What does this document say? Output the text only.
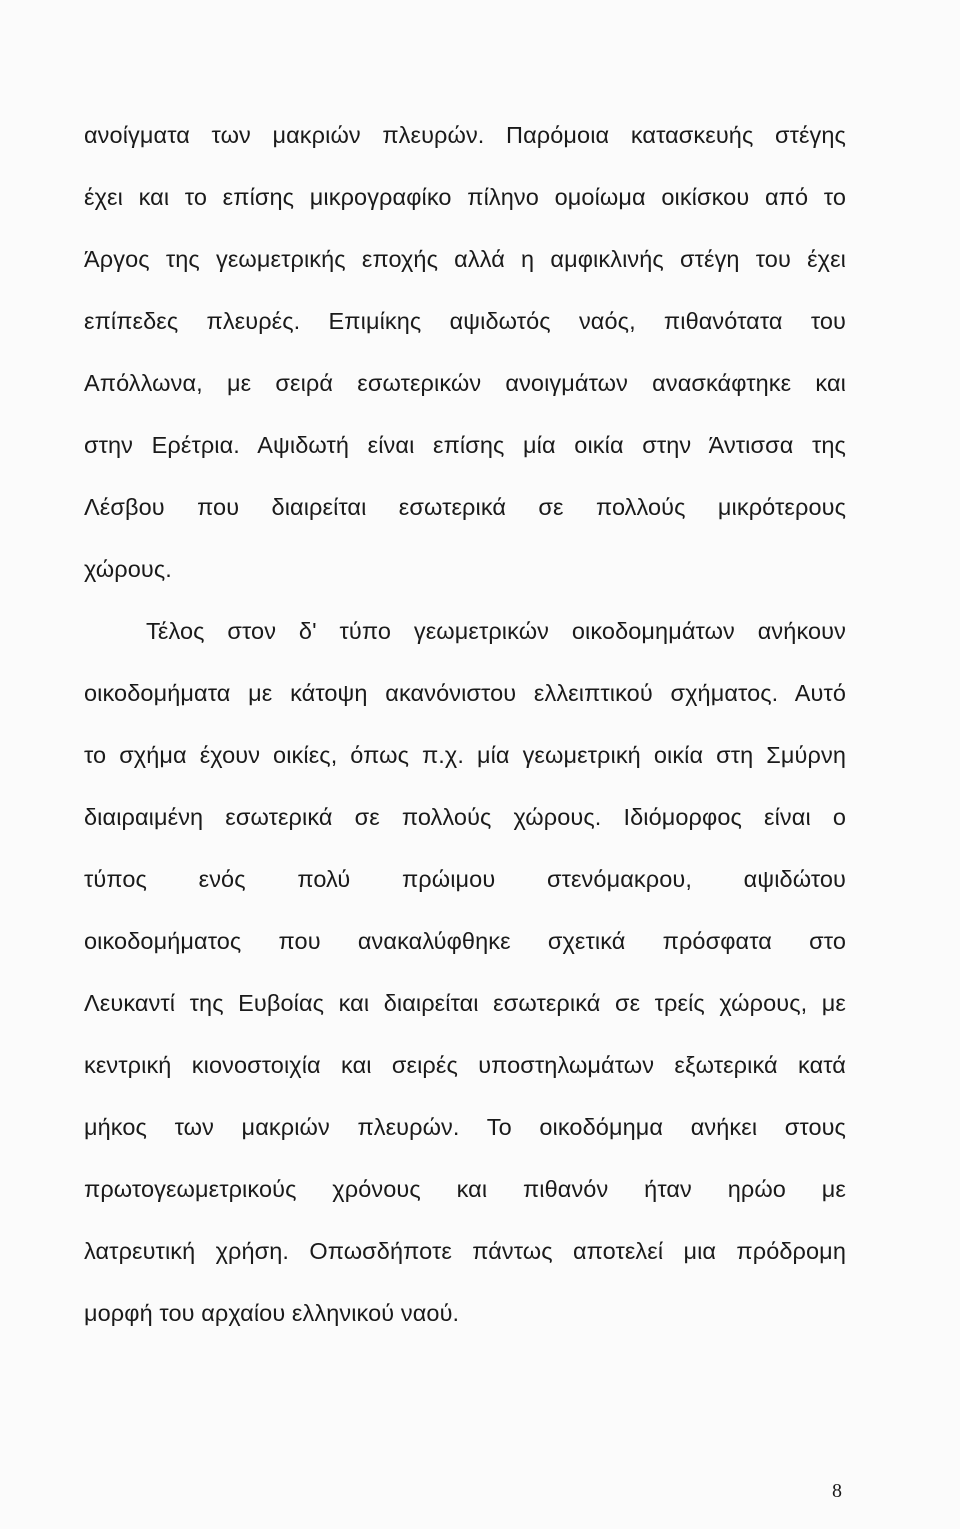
ανοίγματα των μακριών πλευρών. Παρόμοια κατασκευής στέγης
έχει και το επίσης μικρογραφίκο πίληνο ομοίωμα οικίσκου από το
Άργος της γεωμετρικής εποχής αλλά η αμφικλινής στέγη του έχει
επίπεδες πλευρές. Επιμίκης αψιδωτός ναός, πιθανότατα του
Απόλλωνα, με σειρά εσωτερικών ανοιγμάτων ανασκάφτηκε και
στην Ερέτρια. Αψιδωτή είναι επίσης μία οικία στην Άντισσα της
Λέσβου που διαιρείται εσωτερικά σε πολλούς μικρότερους
χώρους.
Τέλος στον δ' τύπο γεωμετρικών οικοδομημάτων ανήκουν
οικοδομήματα με κάτοψη ακανόνιστου ελλειπτικού σχήματος. Αυτό
το σχήμα έχουν οικίες, όπως π.χ. μία γεωμετρική οικία στη Σμύρνη
διαιραιμένη εσωτερικά σε πολλούς χώρους. Ιδιόμορφος είναι ο
τύπος ενός πολύ πρώιμου στενόμακρου, αψιδώτου
οικοδομήματος που ανακαλύφθηκε σχετικά πρόσφατα στο
Λευκαντί της Ευβοίας και διαιρείται εσωτερικά σε τρείς χώρους, με
κεντρική κιονοστοιχία και σειρές υποστηλωμάτων εξωτερικά κατά
μήκος των μακριών πλευρών. Το οικοδόμημα ανήκει στους
πρωτογεωμετρικούς χρόνους και πιθανόν ήταν ηρώο με
λατρευτική χρήση. Οπωσδήποτε πάντως αποτελεί μια πρόδρομη
μορφή του αρχαίου ελληνικού ναού.
8
